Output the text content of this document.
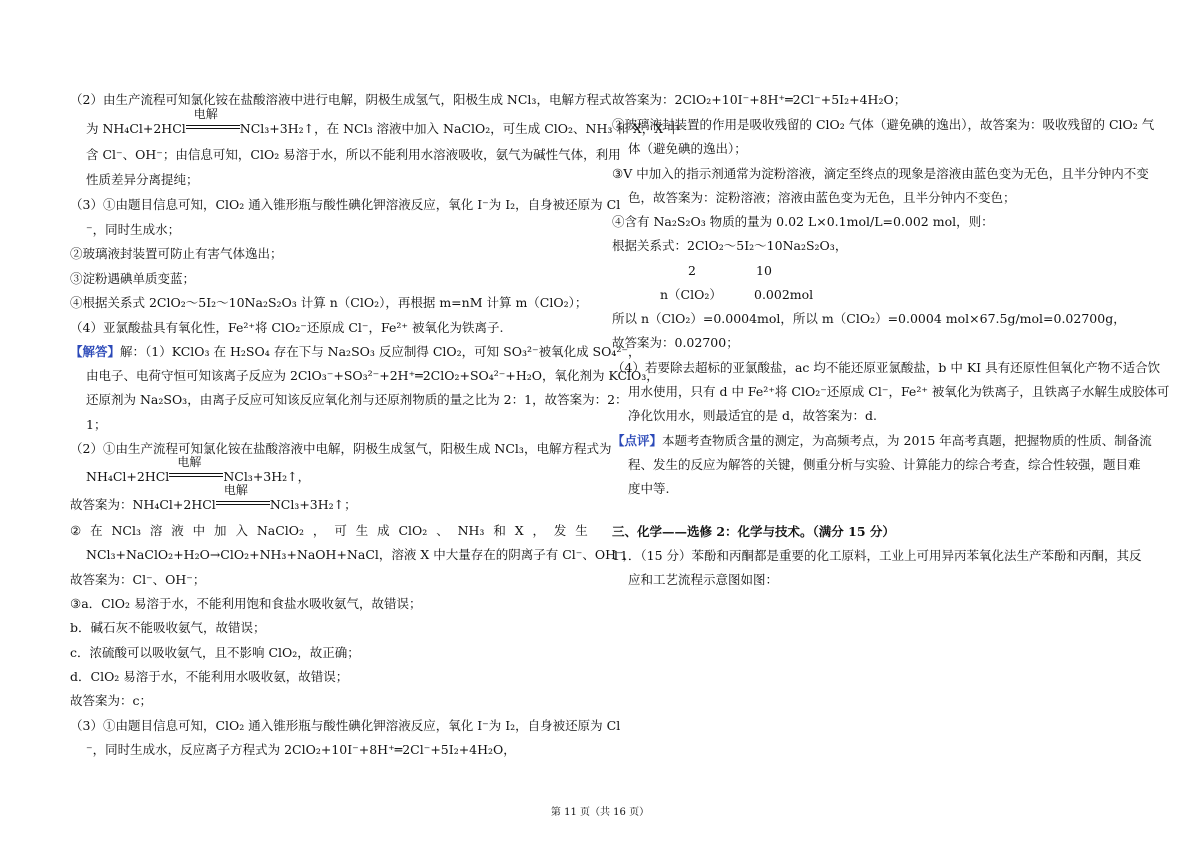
（2）由生产流程可知氯化铵在盐酸溶液中进行电解，阴极生成氢气，阳极生成 NCl₃，电解方程式
为 NH₄Cl+2HCl
电解
NCl₃+3H₂↑，在 NCl₃ 溶液中加入 NaClO₂，可生成 ClO₂、NH₃ 和 X，X 中
含 Cl⁻、OH⁻；由信息可知，ClO₂ 易溶于水，所以不能利用水溶液吸收，氨气为碱性气体，利用
性质差异分离提纯；
（3）①由题目信息可知，ClO₂ 通入锥形瓶与酸性碘化钾溶液反应，氧化 I⁻为 I₂，自身被还原为 Cl
⁻，同时生成水；
②玻璃液封装置可防止有害气体逸出；
③淀粉遇碘单质变蓝；
④根据关系式 2ClO₂～5I₂～10Na₂S₂O₃ 计算 n（ClO₂），再根据 m=nM 计算 m（ClO₂）；
（4）亚氯酸盐具有氧化性，Fe²⁺将 ClO₂⁻还原成 Cl⁻，Fe²⁺ 被氧化为铁离子.
【解答】解：（1）KClO₃ 在 H₂SO₄ 存在下与 Na₂SO₃ 反应制得 ClO₂，可知 SO₃²⁻被氧化成 SO₄²⁻，
由电子、电荷守恒可知该离子反应为 2ClO₃⁻+SO₃²⁻+2H⁺═2ClO₂+SO₄²⁻+H₂O，氧化剂为 KClO₃，
还原剂为 Na₂SO₃，由离子反应可知该反应氧化剂与还原剂物质的量之比为 2：1，故答案为：2：
1；
（2）①由生产流程可知氯化铵在盐酸溶液中电解，阴极生成氢气，阳极生成 NCl₃，电解方程式为
NH₄Cl+2HCl
电解
NCl₃+3H₂↑，
故答案为：NH₄Cl+2HCl
电解
NCl₃+3H₂↑；
② 在 NCl₃ 溶 液 中 加 入 NaClO₂ ， 可 生 成 ClO₂ 、 NH₃ 和 X ， 发 生
NCl₃+NaClO₂+H₂O→ClO₂+NH₃+NaOH+NaCl，溶液 X 中大量存在的阴离子有 Cl⁻、OH⁻，
故答案为：Cl⁻、OH⁻；
③a．ClO₂ 易溶于水，不能利用饱和食盐水吸收氨气，故错误；
b．碱石灰不能吸收氨气，故错误；
c．浓硫酸可以吸收氨气，且不影响 ClO₂，故正确；
d．ClO₂ 易溶于水，不能利用水吸收氨，故错误；
故答案为：c；
（3）①由题目信息可知，ClO₂ 通入锥形瓶与酸性碘化钾溶液反应，氧化 I⁻为 I₂，自身被还原为 Cl
⁻，同时生成水，反应离子方程式为 2ClO₂+10I⁻+8H⁺═2Cl⁻+5I₂+4H₂O，
故答案为：2ClO₂+10I⁻+8H⁺═2Cl⁻+5I₂+4H₂O；
②玻璃液封装置的作用是吸收残留的 ClO₂ 气体（避免碘的逸出），故答案为：吸收残留的 ClO₂ 气
体（避免碘的逸出）；
③V 中加入的指示剂通常为淀粉溶液，滴定至终点的现象是溶液由蓝色变为无色，且半分钟内不变
色，故答案为：淀粉溶液；溶液由蓝色变为无色，且半分钟内不变色；
④含有 Na₂S₂O₃ 物质的量为 0.02 L×0.1mol/L=0.002 mol，则：
根据关系式：2ClO₂～5I₂～10Na₂S₂O₃，
2	10
n（ClO₂）	0.002mol
所以 n（ClO₂）=0.0004mol，所以 m（ClO₂）=0.0004 mol×67.5g/mol=0.02700g，
故答案为：0.02700；
（4）若要除去超标的亚氯酸盐，ac 均不能还原亚氯酸盐，b 中 KI 具有还原性但氧化产物不适合饮
用水使用，只有 d 中 Fe²⁺将 ClO₂⁻还原成 Cl⁻，Fe²⁺ 被氧化为铁离子，且铁离子水解生成胶体可
净化饮用水，则最适宜的是 d，故答案为：d.
【点评】本题考查物质含量的测定，为高频考点，为 2015 年高考真题，把握物质的性质、制备流
程、发生的反应为解答的关键，侧重分析与实验、计算能力的综合考查，综合性较强，题目难
度中等.
三、化学——选修 2：化学与技术。（满分 15 分）
11．（15 分）苯酚和丙酮都是重要的化工原料，工业上可用异丙苯氧化法生产苯酚和丙酮，其反
应和工艺流程示意图如图：
第 11 页（共 16 页）
